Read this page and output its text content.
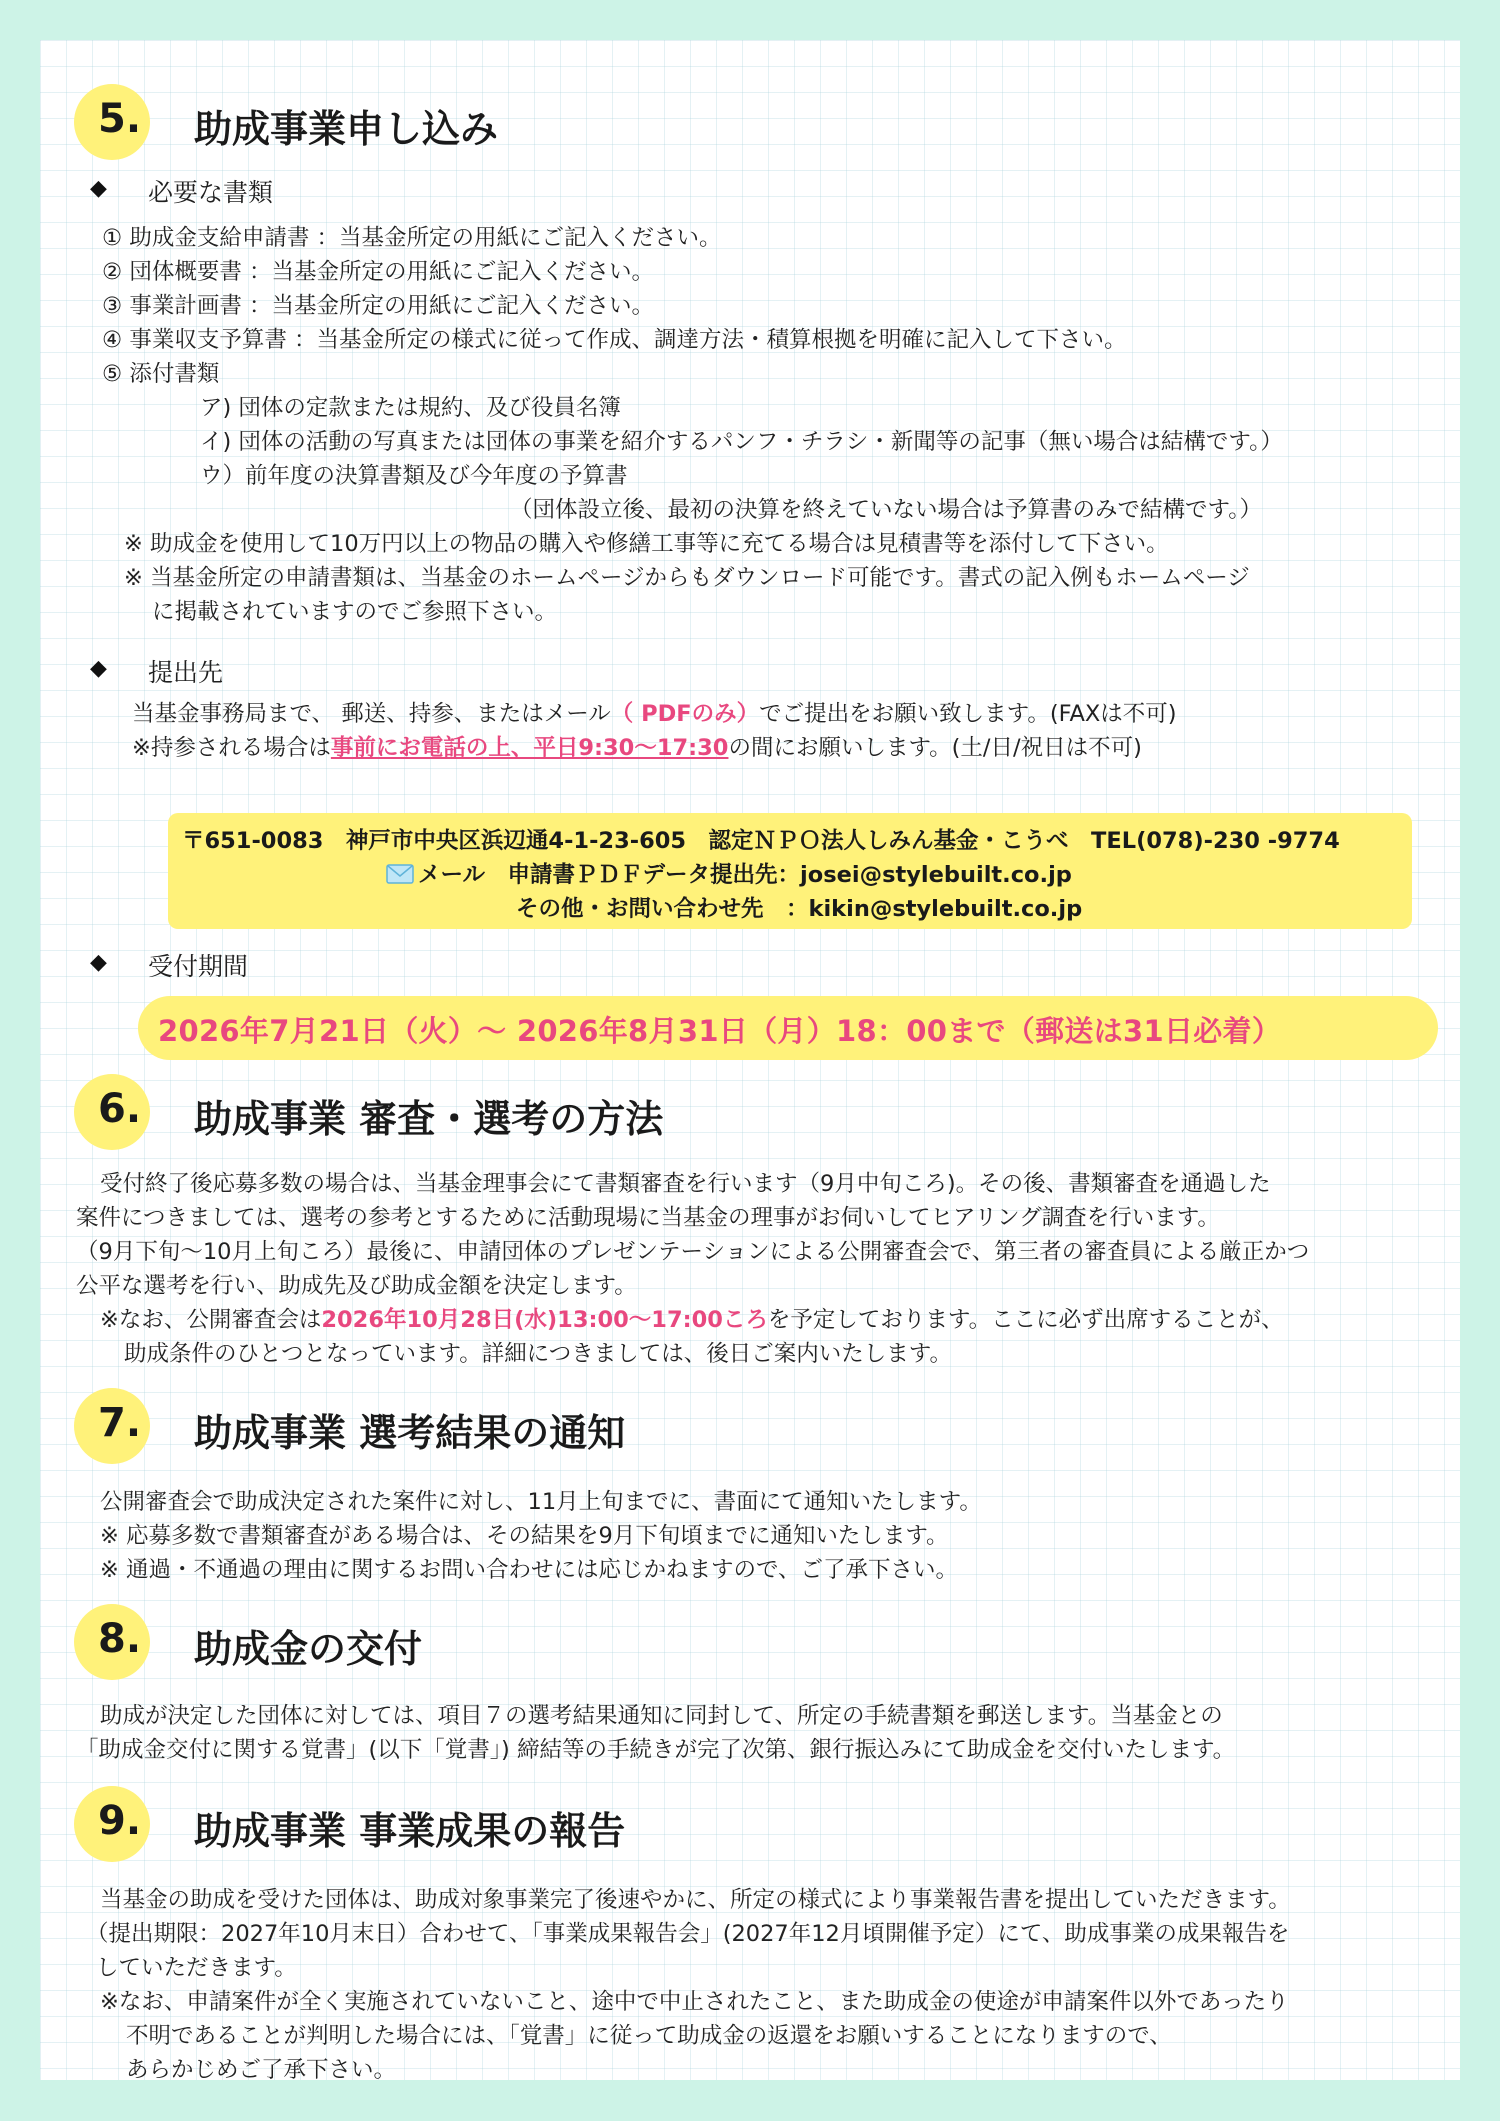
5. 助成事業申し込み
◆ 必要な書類
① 助成金支給申請書 ：当基金所定の用紙にご記入ください。
② 団体概要書 ：当基金所定の用紙にご記入ください。
③ 事業計画書 ：当基金所定の用紙にご記入ください。
④ 事業収支予算書 ：当基金所定の様式に従って作成、調達方法・積算根拠を明確に記入して下さい。
⑤ 添付書類
ア) 団体の定款または規約、及び役員名簿
イ) 団体の活動の写真または団体の事業を紹介するパンフ・チラシ・新聞等の記事（無い場合は結構です。）
ウ）前年度の決算書類及び今年度の予算書
（団体設立後、最初の決算を終えていない場合は予算書のみで結構です。）
※ 助成金を使用して10万円以上の物品の購入や修繕工事等に充てる場合は見積書等を添付して下さい。
※ 当基金所定の申請書類は、当基金のホームページからもダウンロード可能です。書式の記入例もホームページ
に掲載されていますのでご参照下さい。
◆ 提出先
当基金事務局まで、 郵送、持参、またはメール（ PDFのみ）でご提出をお願い致します。(FAXは不可)
※持参される場合は事前にお電話の上、平日9:30～17:30の間にお願いします。(土/日/祝日は不可)
〒651-0083　神戸市中央区浜辺通4-1-23-605　認定ＮＰＯ法人しみん基金・こうべ　TEL(078)-230 -9774
メール　申請書ＰＤＦデータ提出先：josei@stylebuilt.co.jp
その他・お問い合わせ先　：kikin@stylebuilt.co.jp
◆ 受付期間
2026年7月21日（火）～ 2026年8月31日（月）18：00まで（郵送は31日必着）
6. 助成事業 審査・選考の方法
受付終了後応募多数の場合は、当基金理事会にて書類審査を行います（9月中旬ころ)。その後、書類審査を通過した
案件につきましては、選考の参考とするために活動現場に当基金の理事がお伺いしてヒアリング調査を行います。
（9月下旬～10月上旬ころ）最後に、申請団体のプレゼンテーションによる公開審査会で、第三者の審査員による厳正かつ
公平な選考を行い、助成先及び助成金額を決定します。
※なお、公開審査会は2026年10月28日(水)13:00～17:00ころを予定しております。ここに必ず出席することが、
助成条件のひとつとなっています。詳細につきましては、後日ご案内いたします。
7. 助成事業 選考結果の通知
公開審査会で助成決定された案件に対し、11月上旬までに、書面にて通知いたします。
※ 応募多数で書類審査がある場合は、その結果を9月下旬頃までに通知いたします。
※ 通過・不通過の理由に関するお問い合わせには応じかねますので、ご了承下さい。
8. 助成金の交付
助成が決定した団体に対しては、項目７の選考結果通知に同封して、所定の手続書類を郵送します。当基金との
「助成金交付に関する覚書」(以下「覚書」) 締結等の手続きが完了次第、銀行振込みにて助成金を交付いたします。
9. 助成事業 事業成果の報告
当基金の助成を受けた団体は、助成対象事業完了後速やかに、所定の様式により事業報告書を提出していただきます。
（提出期限：2027年10月末日）合わせて、「事業成果報告会」(2027年12月頃開催予定）にて、助成事業の成果報告を
していただきます。
※なお、申請案件が全く実施されていないこと、途中で中止されたこと、また助成金の使途が申請案件以外であったり
不明であることが判明した場合には、「覚書」に従って助成金の返還をお願いすることになりますので、
あらかじめご了承下さい。
